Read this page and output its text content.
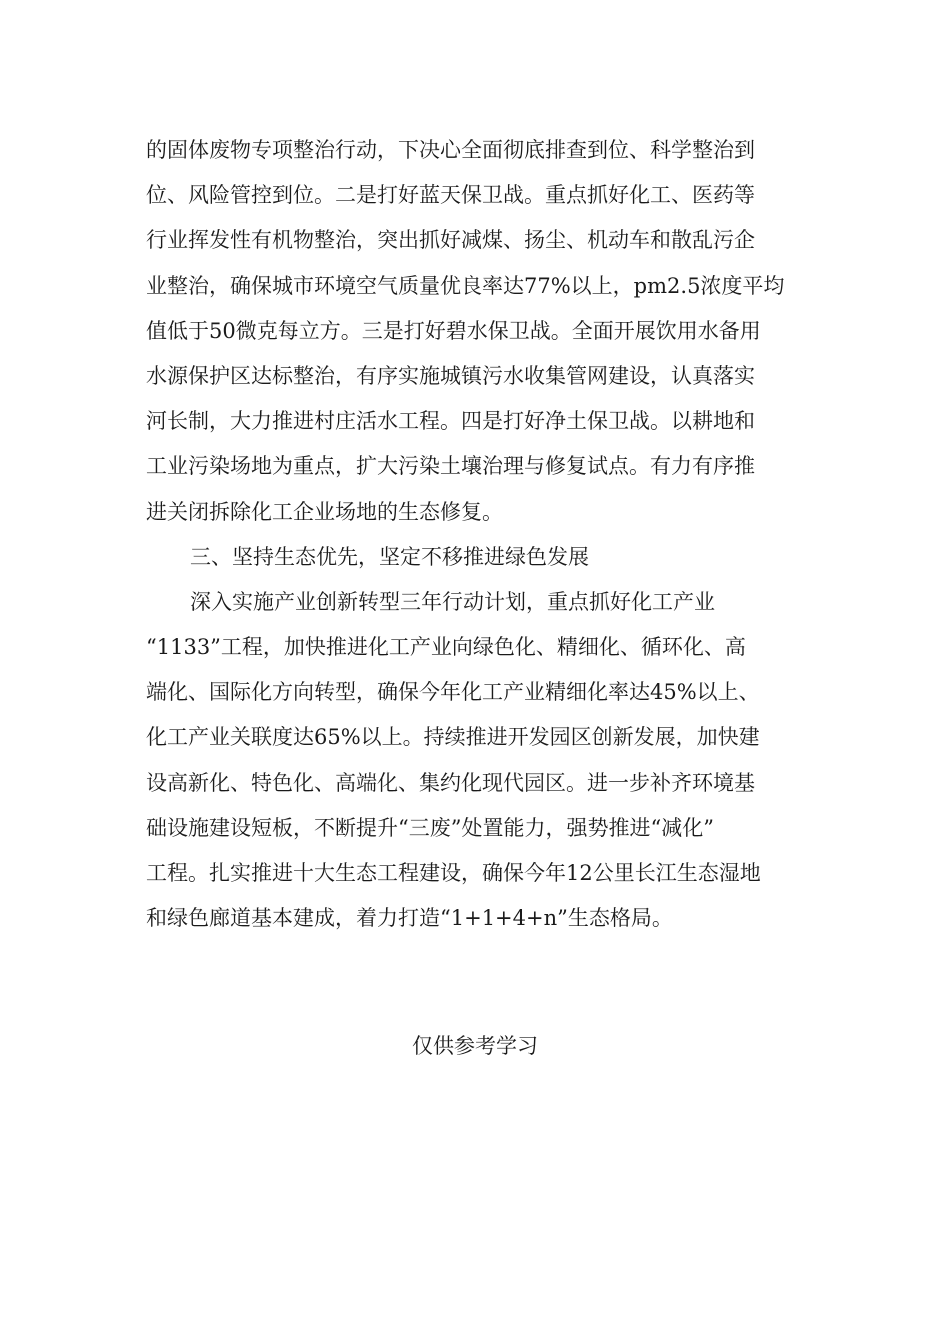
的固体废物专项整治行动，下决心全面彻底排查到位、科学整治到
位、风险管控到位。二是打好蓝天保卫战。重点抓好化工、医药等
行业挥发性有机物整治，突出抓好减煤、扬尘、机动车和散乱污企
业整治，确保城市环境空气质量优良率达77%以上，pm2.5浓度平均
值低于50微克每立方。三是打好碧水保卫战。全面开展饮用水备用
水源保护区达标整治，有序实施城镇污水收集管网建设，认真落实
河长制，大力推进村庄活水工程。四是打好净土保卫战。以耕地和
工业污染场地为重点，扩大污染土壤治理与修复试点。有力有序推
进关闭拆除化工企业场地的生态修复。
三、坚持生态优先，坚定不移推进绿色发展
深入实施产业创新转型三年行动计划，重点抓好化工产业
“1133”工程，加快推进化工产业向绿色化、精细化、循环化、高
端化、国际化方向转型，确保今年化工产业精细化率达45%以上、
化工产业关联度达65%以上。持续推进开发园区创新发展，加快建
设高新化、特色化、高端化、集约化现代园区。进一步补齐环境基
础设施建设短板，不断提升“三废”处置能力，强势推进“减化”
工程。扎实推进十大生态工程建设，确保今年12公里长江生态湿地
和绿色廊道基本建成，着力打造“1+1+4+n”生态格局。
仅供参考学习
